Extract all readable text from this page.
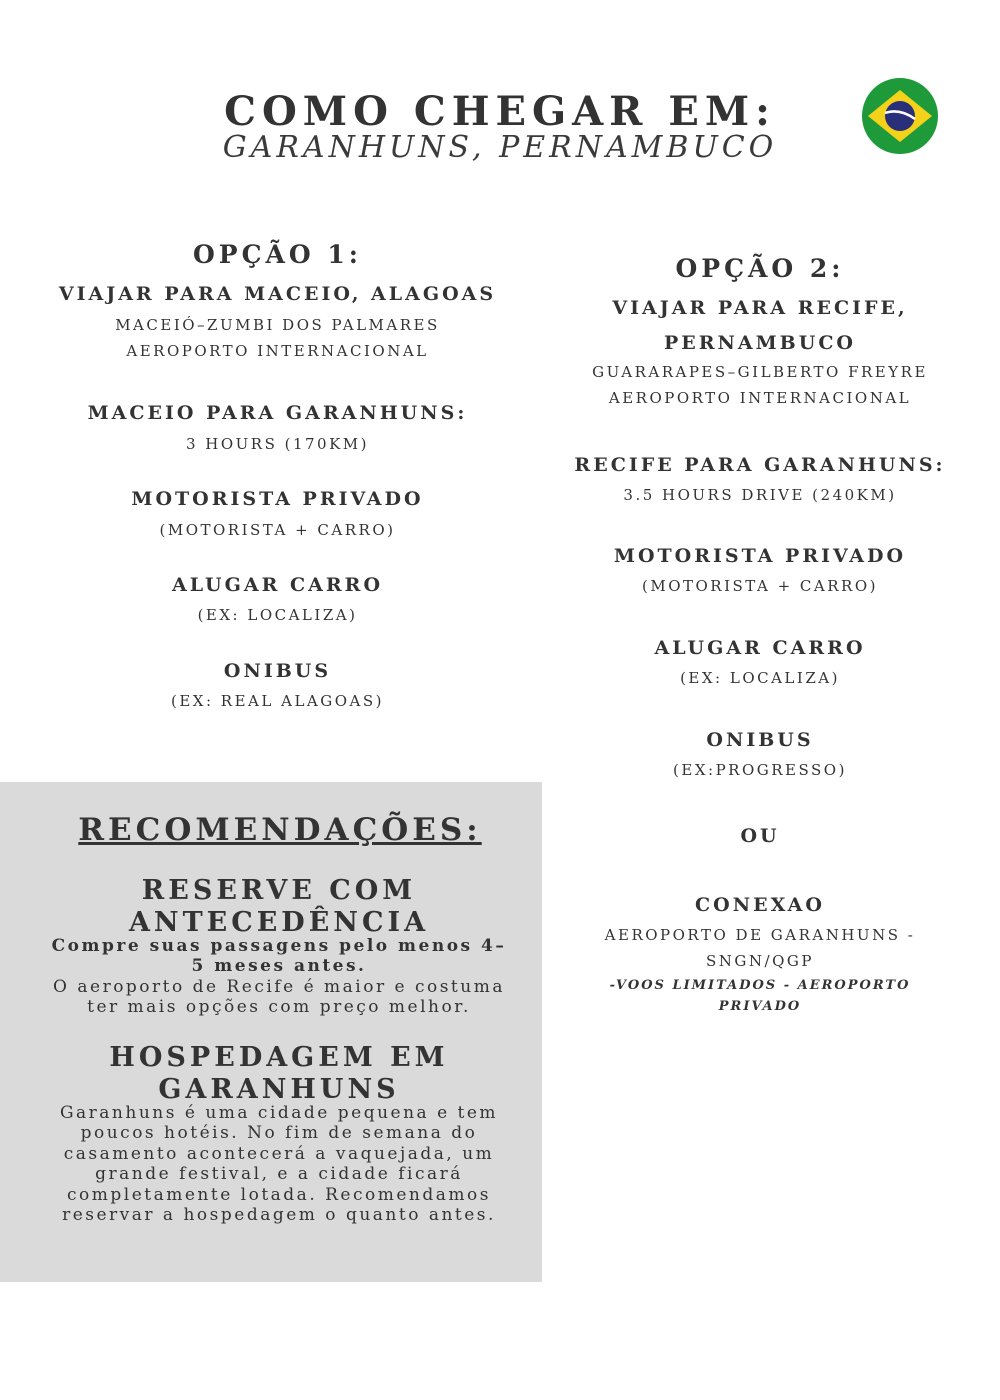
COMO CHEGAR EM:
GARANHUNS, PERNAMBUCO
OPÇÃO 1:
VIAJAR PARA MACEIO, ALAGOAS
MACEIÓ–ZUMBI DOS PALMARES
AEROPORTO INTERNACIONAL
MACEIO PARA GARANHUNS:
3 HOURS (170KM)
MOTORISTA PRIVADO
(MOTORISTA + CARRO)
ALUGAR CARRO
(EX: LOCALIZA)
ONIBUS
(EX: REAL ALAGOAS)
OPÇÃO 2:
VIAJAR PARA RECIFE,
PERNAMBUCO
GUARARAPES–GILBERTO FREYRE
AEROPORTO INTERNACIONAL
RECIFE PARA GARANHUNS:
3.5 HOURS DRIVE (240KM)
MOTORISTA PRIVADO
(MOTORISTA + CARRO)
ALUGAR CARRO
(EX: LOCALIZA)
ONIBUS
(EX:PROGRESSO)
OU
CONEXAO
AEROPORTO DE GARANHUNS -
SNGN/QGP
-VOOS LIMITADOS - AEROPORTO
PRIVADO
RECOMENDAÇÕES:
RESERVE COM
ANTECEDÊNCIA
Compre suas passagens pelo menos 4–
5 meses antes.
O aeroporto de Recife é maior e costuma
ter mais opções com preço melhor.
HOSPEDAGEM EM
GARANHUNS
Garanhuns é uma cidade pequena e tem
poucos hotéis. No fim de semana do
casamento acontecerá a vaquejada, um
grande festival, e a cidade ficará
completamente lotada. Recomendamos
reservar a hospedagem o quanto antes.
